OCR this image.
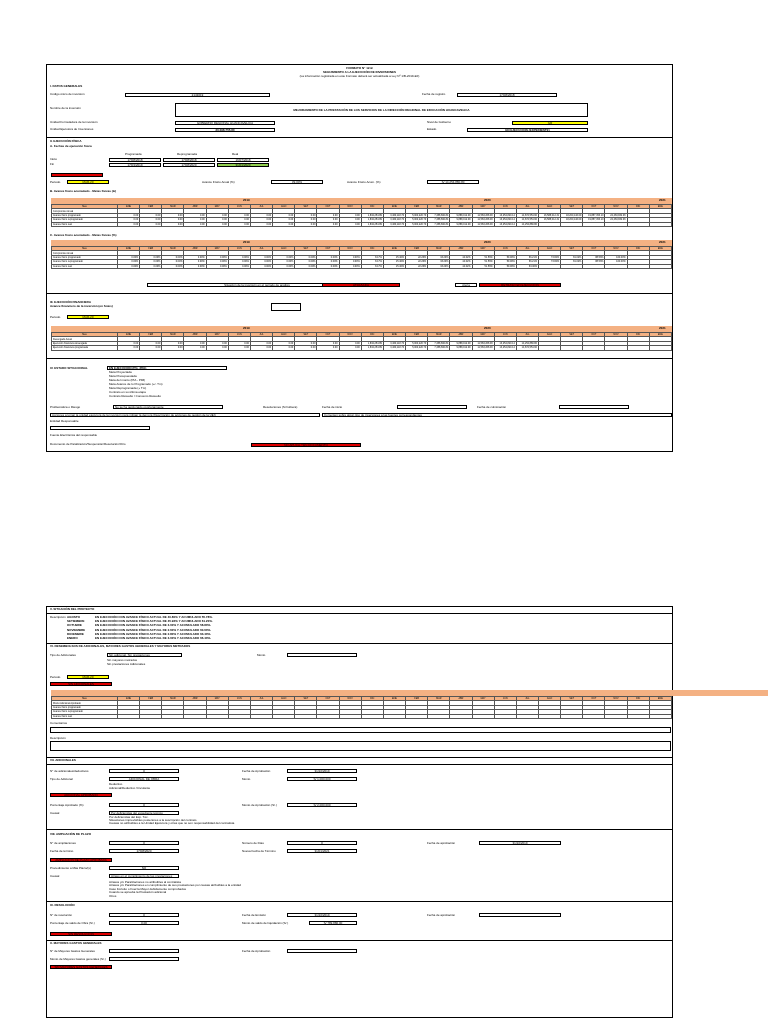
FORMATO N° 12-B
SEGUIMIENTO A LA EJECUCIÓN DE INVERSIONES
(La información registrada en este Formato deberá ser actualizada a Ley Nº 1/B-2019-EF)
I. DATOS GENERALES
Código único de inversión	2143019	Fecha de registro	17/08/2018
Nombre de la inversión	MEJORAMIENTO DE LA PRESTACIÓN DE LOS SERVICIOS DE LA DIRECCIÓN REGIONAL DE EDUCACIÓN HUANCAVELICA
Unidad Formuladora de la inversión	GOBIERNO REGIONAL HUANCAVELICA	Nivel de Gobierno	GR
Unidad Ejecutora de Inversiones	30,098,755.80	Estado	EN EJECUCIÓN (EXPEDIENTE)
II. EJECUCIÓN FÍSICA
A. Fechas de ejecución física
Programada	Reprogramada	Real
Inicio	17/08/2018	17/08/2018	16/07/2018
Fin	17/03/2019	17/08/2020	31/01/2020
Periodo	MAR-20	Avance Físico Anual (%)	39.00%	Avance Físico Acum. (%)	S/ 14,254,880.80
B. Avance físico acumulado - Metas físicas (Δ)
2019	2020	2021
Mes	ENE	FEB	MAR	ABR	MAY	JUN	JUL	AGO	SET	OCT	NOV	DIC	ENE	FEB	MAR	ABR	MAY	JUN	JUL	AGO	SET	OCT	NOV	DIC	ENE
Compromiso Anual																									
Avance físico programado	0.00	0.00	0.00	0.00	0.00	0.00	0.00	0.00	0.00	0.00	0.00	1,834,254.89	3,460,118.70	5,000,220.70	7,458,660.84	9,888,012.09	11,583,268.93	13,254,820.14	14,872,554.90	16,588,012.31	18,200,146.09	19,887,453.10	22,463,832.06		
Avance físico reprogramado	0.00	0.00	0.00	0.00	0.00	0.00	0.00	0.00	0.00	0.00	0.00	1,834,254.89	3,460,118.70	5,000,220.70	7,458,660.84	9,888,012.09	11,583,268.93	13,254,820.14	14,872,554.90	16,588,012.31	18,200,146.09	19,887,453.10	22,463,832.06		
Avance físico real	0.00	0.00	0.00	0.00	0.00	0.00	0.00	0.00	0.00	0.00	0.00	1,834,254.89	3,460,118.70	5,000,220.70	7,458,660.84	9,888,012.09	11,583,268.93	13,254,820.14	14,254,880.80						
C. Avance físico acumulado - Metas físicas (%)
2019	2020	2021
Mes	ENE	FEB	MAR	ABR	MAY	JUN	JUL	AGO	SET	OCT	NOV	DIC	ENE	FEB	MAR	ABR	MAY	JUN	JUL	AGO	SET	OCT	NOV	DIC	ENE
Compromiso Anual																									
Avance físico programado	0.00%	0.00%	0.00%	0.00%	0.00%	0.00%	0.00%	0.00%	0.00%	0.00%	0.00%	8.17%	15.40%	22.26%	33.20%	44.02%	51.56%	59.00%	66.21%	73.84%	81.02%	88.53%	100.00%		
Avance físico reprogramado	0.00%	0.00%	0.00%	0.00%	0.00%	0.00%	0.00%	0.00%	0.00%	0.00%	0.00%	8.17%	15.40%	22.26%	33.20%	44.02%	51.56%	59.00%	66.21%	73.84%	81.02%	88.53%	100.00%		
Avance físico real	0.00%	0.00%	0.00%	0.00%	0.00%	0.00%	0.00%	0.00%	0.00%	0.00%	0.00%	8.17%	15.40%	22.26%	33.20%	44.02%	51.56%	59.00%	63.46%						
Situación de la inversión en el periodo de análisis	ATRASADA	Alerta	RETRASO EN EJECUCIÓN
III. EJECUCIÓN FINANCIERA
Avance financiero de la inversión (en Soles)
Periodo	MAR-20
2019	2020	2021
Mes	ENE	FEB	MAR	ABR	MAY	JUN	JUL	AGO	SET	OCT	NOV	DIC	ENE	FEB	MAR	ABR	MAY	JUN	JUL	AGO	SET	OCT	NOV	DIC	ENE
Devengado Anual																									
Ejecución financiera devengada	0.00	0.00	0.00	0.00	0.00	0.00	0.00	0.00	0.00	0.00	0.00	1,834,254.89	3,460,118.70	5,000,220.70	7,458,660.84	9,888,012.09	11,583,268.93	13,254,820.14	14,254,880.80						
Ejecución financiera programada	0.00	0.00	0.00	0.00	0.00	0.00	0.00	0.00	0.00	0.00	0.00	1,834,254.89	3,460,118.70	5,000,220.70	7,458,660.84	9,888,012.09	11,583,268.93	13,254,820.14	14,872,554.90						
IV. ESTADO SITUACIONAL	EN EJECUCIÓN (PG. 36%)
Meta Proyectada
Meta Presupuestada
Meta del monto (PIA - PIM)
Meta Avance de lo Programado (+/- Tm)
Meta Reprogramada (+ Tm)
Contrato en su última etapa
Contrato Resuelto / Convenio Resuelto
Problemática o Riesgo	No se ha gestionado oportunamente	Resoluciones (Si hubiera)	Fecha de inicio	Fecha de culminación
Acciones a tomar la unidad ejecutora de la inversión para mitigar la demora (Descripción de acciones de gestión de la UEI)	Comenten sobre algun tipo de inversiones a las fuentes correspondientes
Entidad Responsable
Fuente Electrónica del responsable
Documento de Paralización/Suspensión/Resolución/Otro	NO APLICA / SIN DOCUMENTO
V. SITUACIÓN DEL PROYECTO
Descripción AGOSTO	EN EJECUCIÓN CON AVANCE FÍSICO ACTUAL DE 40.80% Y ACUMULADO 55.78%.
SETIEMBRE	EN EJECUCIÓN CON AVANCE FÍSICO ACTUAL DE 45.92% Y ACUMULADO 61.20%.
OCTUBRE	EN EJECUCIÓN CON AVANCE FÍSICO ACTUAL DE 3.00% Y ACUMULADO 58.80%.
NOVIEMBRE	EN EJECUCIÓN CON AVANCE FÍSICO ACTUAL DE 2.60% Y ACUMULADO 60.60%.
DICIEMBRE	EN EJECUCIÓN CON AVANCE FÍSICO ACTUAL DE 2.80% Y ACUMULADO 63.40%.
ENERO	EN EJECUCIÓN CON AVANCE FÍSICO ACTUAL DE 3.00% Y ACUMULADO 66.40%.
VI. DESEMBOLSOS DE ADICIONALES, MAYORES GASTOS GENERALES Y MAYORES METRADOS
Tipo de Adicionales	Sin adicional, Sin prestaciones
Sin mayores metrados
Sin prestaciones Adicionales
Monto
Periodo	MAR-20
SIN ADICIONALES
Mes	ENE	FEB	MAR	ABR	MAY	JUN	JUL	AGO	SET	OCT	NOV	DIC	ENE	FEB	MAR	ABR	MAY	JUN	JUL	AGO	SET	OCT	NOV	DIC	ENE
Monto Adicional Aprobado																									
Avance físico programado																									
Avance físico reprogramado																									
Avance físico real																									
Comentarios
Descripción
VII. ADICIONALES
N° de adicionales/deductivos	0	Fecha de Aprobación	31/10/2019
Tipo de Adicional	ADICIONAL DE OBRA	Monto	S/ 1,000,000
Deductivo
Adicional/Deductivo Vinculante
ADICIONAL APROBADO
Porcentaje Aprobado (%)	0	Monto de Aprobación (S/.)	S/ 2,000,000
Causal	Por deficiencias del expediente técnico
Por deficiencias del Exp. Téc.
Situaciones imprevisibles posteriores a la suscripción del contrato
Causas no atribuibles a la Unidad Ejecutora y otras que no son responsabilidad del contratista
VIII. AMPLIACIÓN DE PLAZO
N° de ampliaciones	0	Número de Días	0	Fecha de aprobación	31/10/2019
Fecha de término	17/08/2020	Nueva Fecha de Término	31/01/2021
AMPLIACIÓN DE PLAZO APROBADA
Procedimiento a Más Plazo/(s)	NO
Causal	Atraso en el cumplimiento de las prestaciones
Atrasos y/o Paralizaciones no atribuibles al contratista
Atrasos y/o Paralizaciones en cumplimiento de sus prestaciones por causas atribuibles a la entidad
Caso Fortuito o Fuerza Mayor debidamente comprobados
Cuando se aprueba la Prestación adicional
Otros
IX. RESOLUCIÓN
N° de resolución	0	Fecha de Emisión	31/10/2019	Fecha de aprobación
Porcentaje de saldo de Obra (S/.)	0.00	Monto de saldo de liquidación (S/.)	S/ 789,880.00
SIN RESOLUCIÓN
X. MAYORES GASTOS GENERALES
N° de Mayores Gastos Generales	Fecha de Aprobación
Monto de Mayores Gastos generales (S/.)
SIN MAYORES GASTOS GENERALES
